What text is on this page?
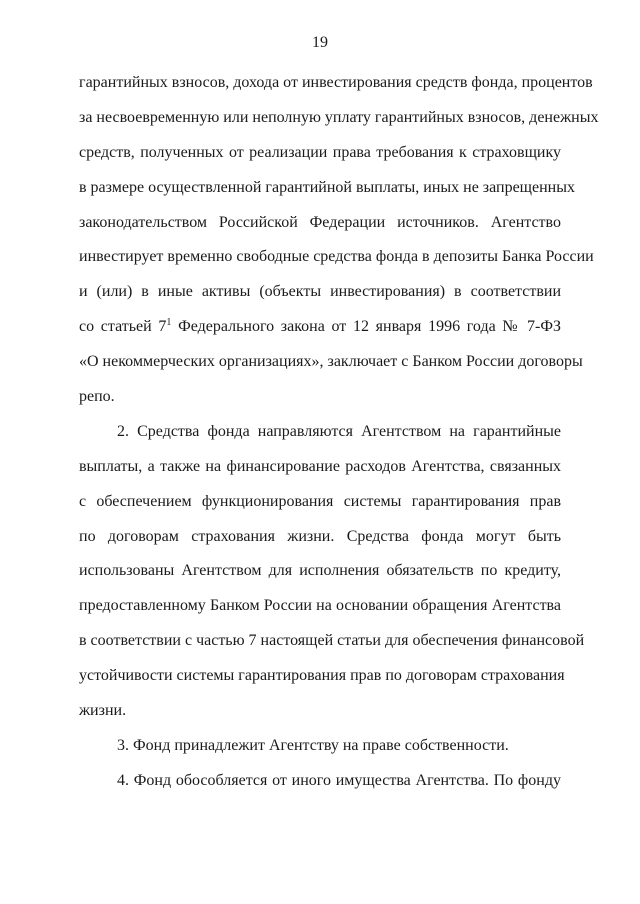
19
гарантийных взносов, дохода от инвестирования средств фонда, процентов
за несвоевременную или неполную уплату гарантийных взносов, денежных
средств, полученных от реализации права требования к страховщику
в размере осуществленной гарантийной выплаты, иных не запрещенных
законодательством Российской Федерации источников. Агентство
инвестирует временно свободные средства фонда в депозиты Банка России
и (или) в иные активы (объекты инвестирования) в соответствии
со статьей $7^1$ Федерального закона от 12 января 1996 года № 7-ФЗ
«О некоммерческих организациях», заключает с Банком России договоры
репо.
2. Средства фонда направляются Агентством на гарантийные
выплаты, а также на финансирование расходов Агентства, связанных
с обеспечением функционирования системы гарантирования прав
по договорам страхования жизни. Средства фонда могут быть
использованы Агентством для исполнения обязательств по кредиту,
предоставленному Банком России на основании обращения Агентства
в соответствии с частью 7 настоящей статьи для обеспечения финансовой
устойчивости системы гарантирования прав по договорам страхования
жизни.
3. Фонд принадлежит Агентству на праве собственности.
4. Фонд обособляется от иного имущества Агентства. По фонду
